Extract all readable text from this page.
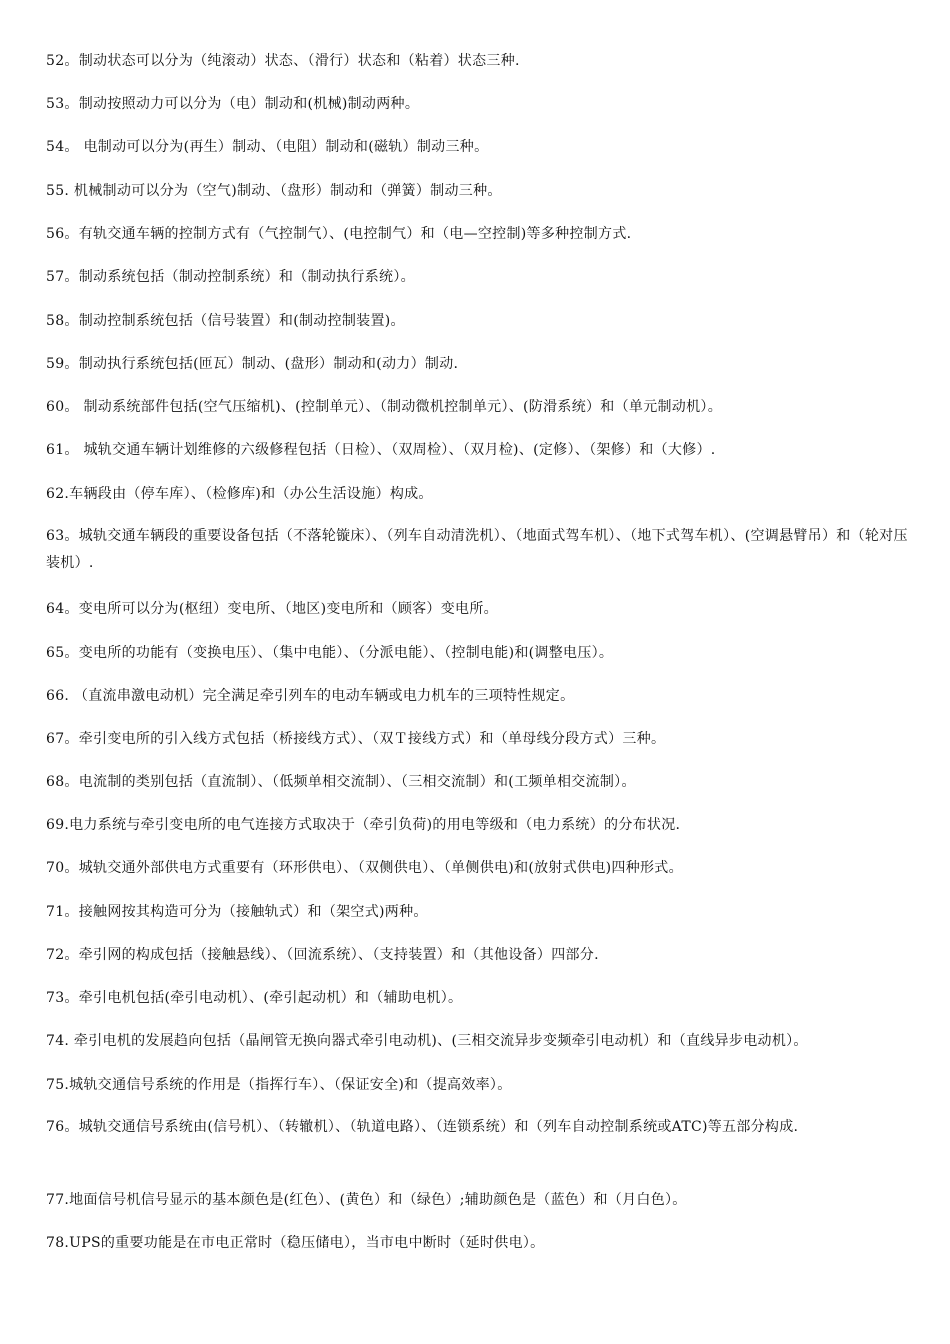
52。制动状态可以分为（纯滚动）状态、（滑行）状态和（粘着）状态三种.
53。制动按照动力可以分为（电）制动和(机械)制动两种。
54。 电制动可以分为(再生）制动、（电阻）制动和(磁轨）制动三种。
55. 机械制动可以分为（空气)制动、（盘形）制动和（弹簧）制动三种。
56。有轨交通车辆的控制方式有（气控制气）、(电控制气）和（电—空控制)等多种控制方式.
57。制动系统包括（制动控制系统）和（制动执行系统）。
58。制动控制系统包括（信号装置）和(制动控制装置)。
59。制动执行系统包括(匝瓦）制动、(盘形）制动和(动力）制动.
60。 制动系统部件包括(空气压缩机)、(控制单元）、（制动微机控制单元）、(防滑系统）和（单元制动机）。
61。 城轨交通车辆计划维修的六级修程包括（日检）、（双周检）、（双月检)、(定修）、（架修）和（大修）.
62.车辆段由（停车库）、（检修库)和（办公生活设施）构成。
63。城轨交通车辆段的重要设备包括（不落轮镟床）、（列车自动清洗机）、（地面式驾车机）、（地下式驾车机）、(空调悬臂吊）和（轮对压装机）.
64。变电所可以分为(枢纽）变电所、（地区)变电所和（顾客）变电所。
65。变电所的功能有（变换电压）、（集中电能）、（分派电能）、（控制电能)和(调整电压）。
66. （直流串激电动机）完全满足牵引列车的电动车辆或电力机车的三项特性规定。
67。牵引变电所的引入线方式包括（桥接线方式）、（双Ｔ接线方式）和（单母线分段方式）三种。
68。电流制的类别包括（直流制）、（低频单相交流制）、（三相交流制）和(工频单相交流制）。
69.电力系统与牵引变电所的电气连接方式取决于（牵引负荷)的用电等级和（电力系统）的分布状况.
70。城轨交通外部供电方式重要有（环形供电）、（双侧供电）、（单侧供电)和(放射式供电)四种形式。
71。接触网按其构造可分为（接触轨式）和（架空式)两种。
72。牵引网的构成包括（接触悬线）、（回流系统）、（支持装置）和（其他设备）四部分.
73。牵引电机包括(牵引电动机）、(牵引起动机）和（辅助电机）。
74. 牵引电机的发展趋向包括（晶闸管无换向器式牵引电动机)、(三相交流异步变频牵引电动机）和（直线异步电动机）。
75.城轨交通信号系统的作用是（指挥行车）、（保证安全)和（提高效率）。
76。城轨交通信号系统由(信号机）、（转辙机）、（轨道电路）、（连锁系统）和（列车自动控制系统或ATC)等五部分构成.
77.地面信号机信号显示的基本颜色是(红色）、(黄色）和（绿色）;辅助颜色是（蓝色）和（月白色）。
78.UPS的重要功能是在市电正常时（稳压储电），当市电中断时（延时供电）。
